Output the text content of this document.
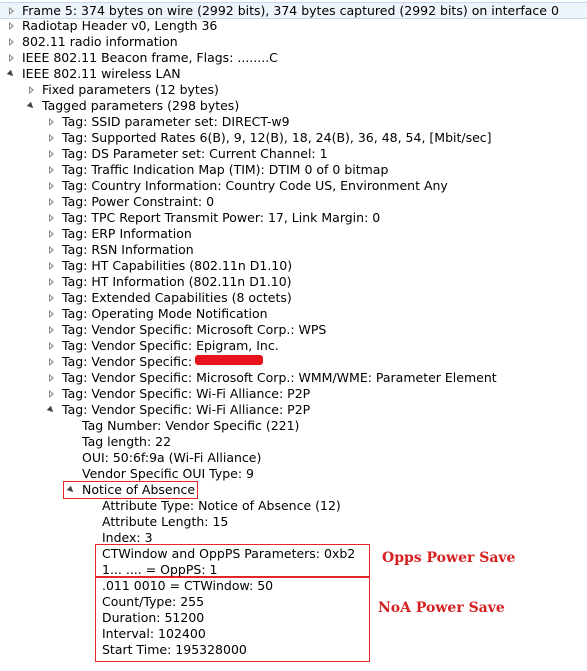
Frame 5: 374 bytes on wire (2992 bits), 374 bytes captured (2992 bits) on interface 0
Radiotap Header v0, Length 36
802.11 radio information
IEEE 802.11 Beacon frame, Flags: ........C
IEEE 802.11 wireless LAN
Fixed parameters (12 bytes)
Tagged parameters (298 bytes)
Tag: SSID parameter set: DIRECT-w9
Tag: Supported Rates 6(B), 9, 12(B), 18, 24(B), 36, 48, 54, [Mbit/sec]
Tag: DS Parameter set: Current Channel: 1
Tag: Traffic Indication Map (TIM): DTIM 0 of 0 bitmap
Tag: Country Information: Country Code US, Environment Any
Tag: Power Constraint: 0
Tag: TPC Report Transmit Power: 17, Link Margin: 0
Tag: ERP Information
Tag: RSN Information
Tag: HT Capabilities (802.11n D1.10)
Tag: HT Information (802.11n D1.10)
Tag: Extended Capabilities (8 octets)
Tag: Operating Mode Notification
Tag: Vendor Specific: Microsoft Corp.: WPS
Tag: Vendor Specific: Epigram, Inc.
Tag: Vendor Specific:
Tag: Vendor Specific: Microsoft Corp.: WMM/WME: Parameter Element
Tag: Vendor Specific: Wi-Fi Alliance: P2P
Tag: Vendor Specific: Wi-Fi Alliance: P2P
Tag Number: Vendor Specific (221)
Tag length: 22
OUI: 50:6f:9a (Wi-Fi Alliance)
Vendor Specific OUI Type: 9
Notice of Absence
Attribute Type: Notice of Absence (12)
Attribute Length: 15
Index: 3
CTWindow and OppPS Parameters: 0xb2
1... .... = OppPS: 1
Opps Power Save
.011 0010 = CTWindow: 50
Count/Type: 255
Duration: 51200
Interval: 102400
Start Time: 195328000
NoA Power Save
